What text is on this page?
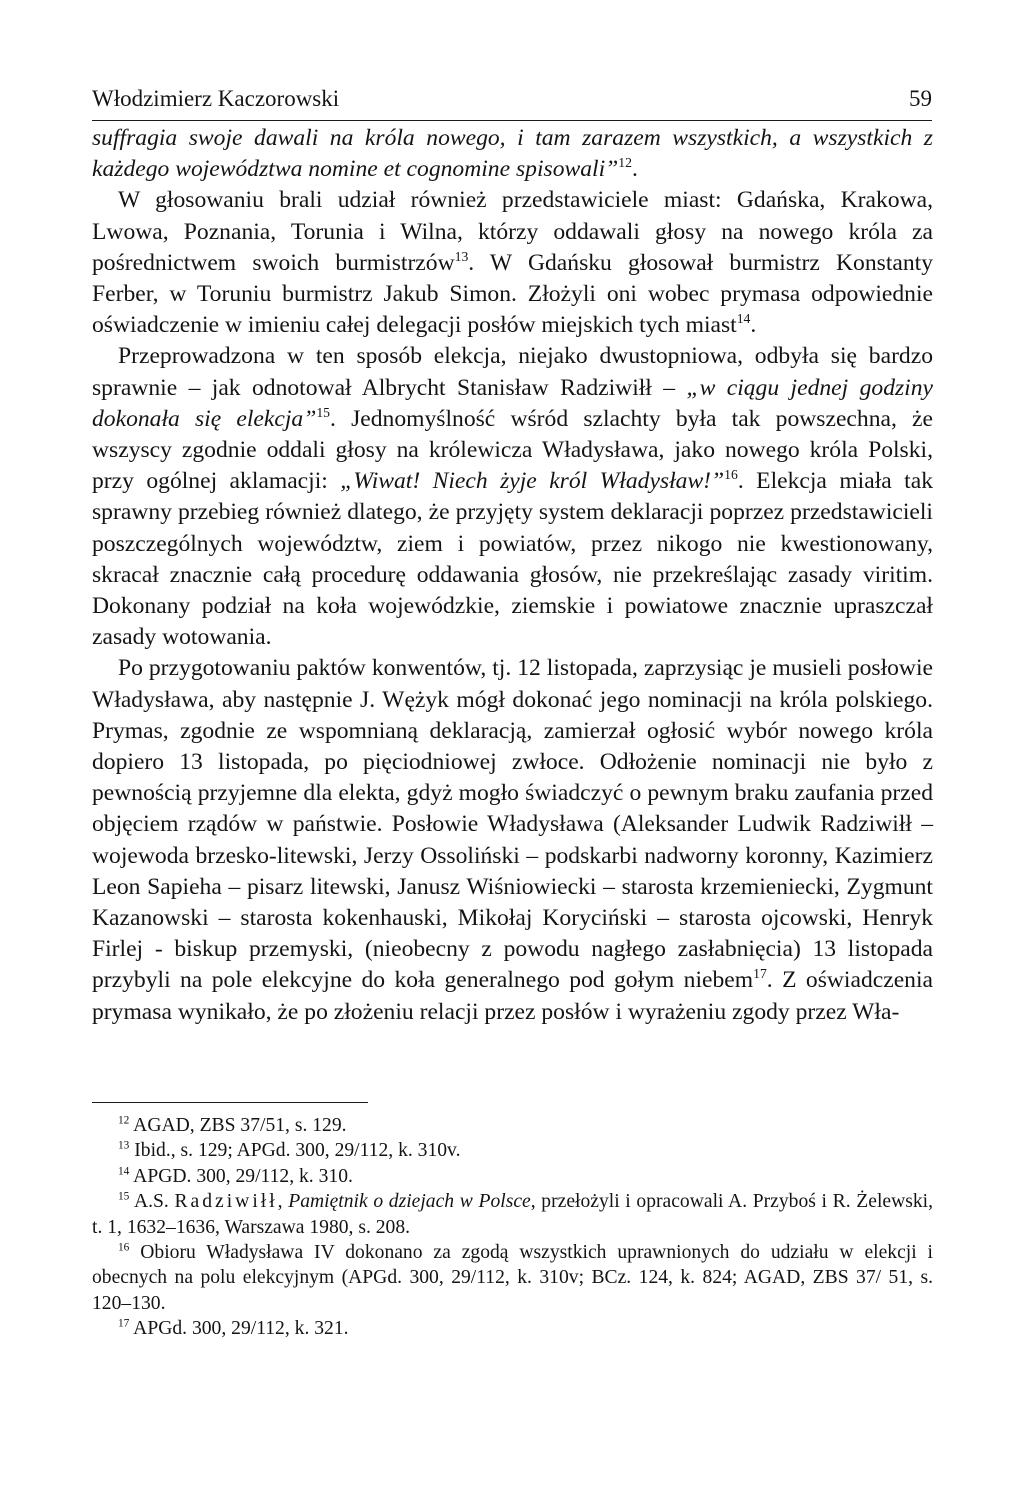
Włodzimierz Kaczorowski	59

suffragia swoje dawali na króla nowego, i tam zarazem wszystkich, a wszystkich z każdego województwa nomine et cognomine spisowali”$^{12}$.

W głosowaniu brali udział również przedstawiciele miast: Gdańska, Krakowa, Lwowa, Poznania, Torunia i Wilna, którzy oddawali głosy na nowego króla za pośrednictwem swoich burmistrzów$^{13}$. W Gdańsku głosował burmistrz Konstanty Ferber, w Toruniu burmistrz Jakub Simon. Złożyli oni wobec prymasa odpowiednie oświadczenie w imieniu całej delegacji posłów miejskich tych miast$^{14}$.

Przeprowadzona w ten sposób elekcja, niejako dwustopniowa, odbyła się bardzo sprawnie – jak odnotował Albrycht Stanisław Radziwiłł – „w ciągu jednej godziny dokonała się elekcja”$^{15}$. Jednomyślność wśród szlachty była tak powszechna, że wszyscy zgodnie oddali głosy na królewicza Władysława, jako nowego króla Polski, przy ogólnej aklamacji: „Wiwat! Niech żyje król Władysław!”$^{16}$. Elekcja miała tak sprawny przebieg również dlatego, że przyjęty system deklaracji poprzez przedstawicieli poszczególnych województw, ziem i powiatów, przez nikogo nie kwestionowany, skracał znacznie całą procedurę oddawania głosów, nie przekreślając zasady viritim. Dokonany podział na koła wojewódzkie, ziemskie i powiatowe znacznie upraszczał zasady wotowania.

Po przygotowaniu paktów konwentów, tj. 12 listopada, zaprzysiąc je musieli posłowie Władysława, aby następnie J. Wężyk mógł dokonać jego nominacji na króla polskiego. Prymas, zgodnie ze wspomnianą deklaracją, zamierzał ogłosić wybór nowego króla dopiero 13 listopada, po pięciodniowej zwłoce. Odłożenie nominacji nie było z pewnością przyjemne dla elekta, gdyż mogło świadczyć o pewnym braku zaufania przed objęciem rządów w państwie. Posłowie Władysława (Aleksander Ludwik Radziwiłł – wojewoda brzesko-litewski, Jerzy Ossoliński – podskarbi nadworny koronny, Kazimierz Leon Sapieha – pisarz litewski, Janusz Wiśniowiecki – starosta krzemieniecki, Zygmunt Kazanowski – starosta kokenhauski, Mikołaj Koryciński – starosta ojcowski, Henryk Firlej - biskup przemyski, (nieobecny z powodu nagłego zasłabnięcia) 13 listopada przybyli na pole elekcyjne do koła generalnego pod gołym niebem$^{17}$. Z oświadczenia prymasa wynikało, że po złożeniu relacji przez posłów i wyrażeniu zgody przez Wła-

$^{12}$ AGAD, ZBS 37/51, s. 129.

$^{13}$ Ibid., s. 129; APGd. 300, 29/112, k. 310v.

$^{14}$ APGD. 300, 29/112, k. 310.

$^{15}$ A.S. Radziwiłł, Pamiętnik o dziejach w Polsce, przełożyli i opracowali A. Przyboś i R. Żelewski, t. 1, 1632–1636, Warszawa 1980, s. 208.

$^{16}$ Obioru Władysława IV dokonano za zgodą wszystkich uprawnionych do udziału w elekcji i obecnych na polu elekcyjnym (APGd. 300, 29/112, k. 310v; BCz. 124, k. 824; AGAD, ZBS 37/ 51, s. 120–130.

$^{17}$ APGd. 300, 29/112, k. 321.
